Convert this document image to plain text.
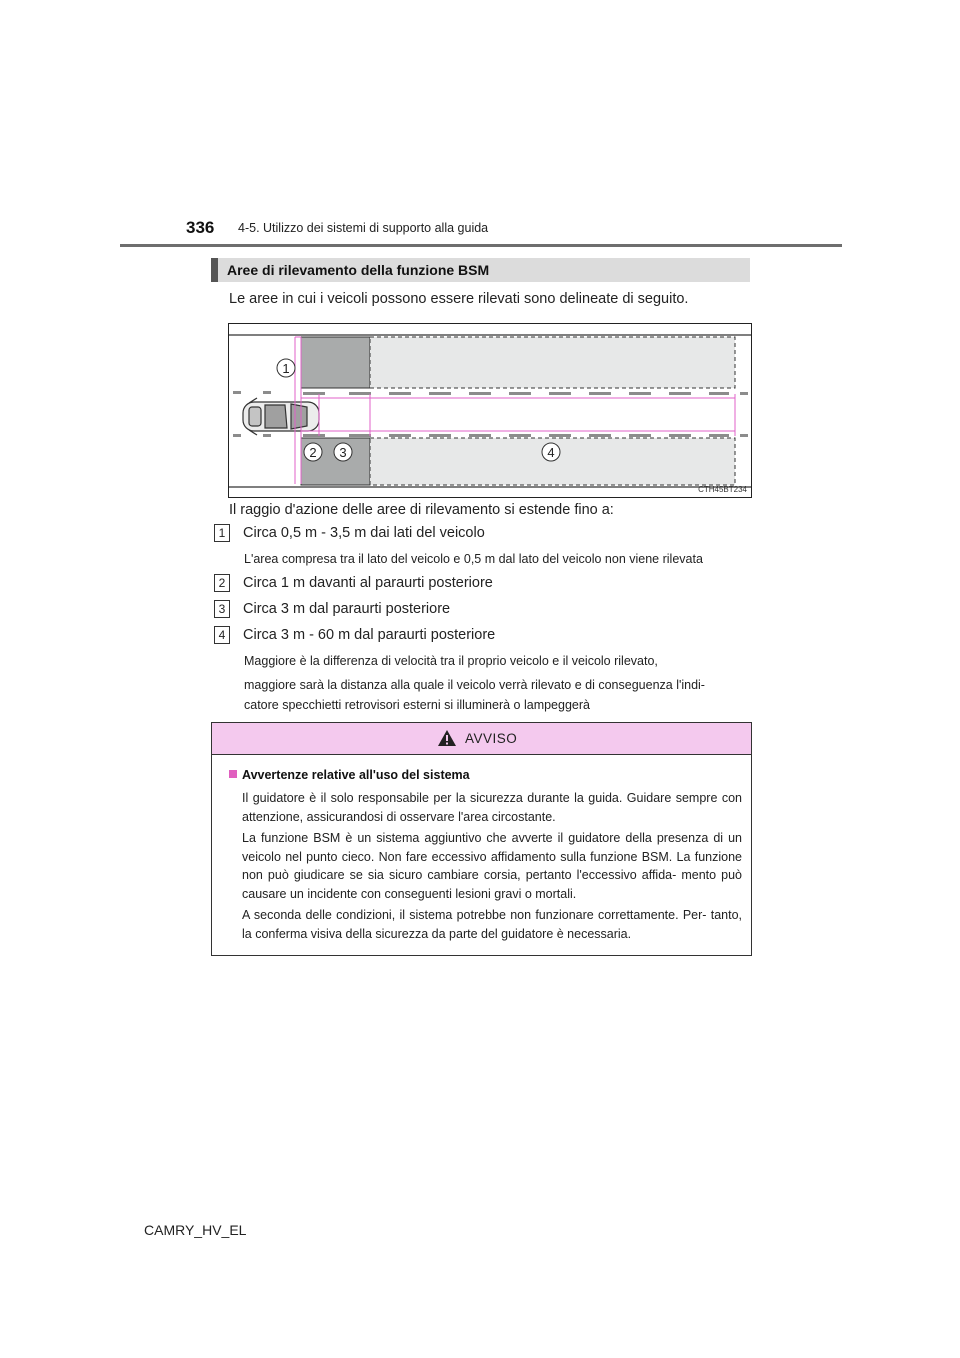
336 4-5. Utilizzo dei sistemi di supporto alla guida
Aree di rilevamento della funzione BSM
Le aree in cui i veicoli possono essere rilevati sono delineate di seguito.
1
2 3	4
CTH45BT234
Il raggio d'azione delle aree di rilevamento si estende fino a:
1 Circa 0,5 m - 3,5 m dai lati del veicolo
L'area compresa tra il lato del veicolo e 0,5 m dal lato del veicolo non viene rilevata
2 Circa 1 m davanti al paraurti posteriore
3 Circa 3 m dal paraurti posteriore
4 Circa 3 m - 60 m dal paraurti posteriore
Maggiore è la differenza di velocità tra il proprio veicolo e il veicolo rilevato,
maggiore sarà la distanza alla quale il veicolo verrà rilevato e di conseguenza l'indi-
catore specchietti retrovisori esterni si illuminerà o lampeggerà
AVVISO
Avvertenze relative all'uso del sistema
Il guidatore è il solo responsabile per la sicurezza durante la guida. Guidare sempre con attenzione, assicurandosi di osservare l'area circostante.
La funzione BSM è un sistema aggiuntivo che avverte il guidatore della presenza di un veicolo nel punto cieco. Non fare eccessivo affidamento sulla funzione BSM. La funzione non può giudicare se sia sicuro cambiare corsia, pertanto l'eccessivo affida- mento può causare un incidente con conseguenti lesioni gravi o mortali.
A seconda delle condizioni, il sistema potrebbe non funzionare correttamente. Per- tanto, la conferma visiva della sicurezza da parte del guidatore è necessaria.
CAMRY_HV_EL
